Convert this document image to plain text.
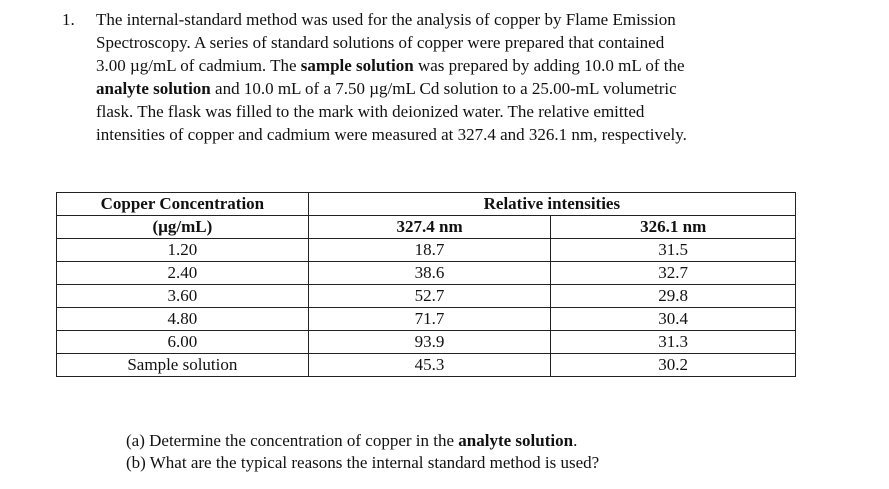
1. The internal-standard method was used for the analysis of copper by Flame Emission
Spectroscopy. A series of standard solutions of copper were prepared that contained
3.00 µg/mL of cadmium. The sample solution was prepared by adding 10.0 mL of the
analyte solution and 10.0 mL of a 7.50 µg/mL Cd solution to a 25.00-mL volumetric
flask. The flask was filled to the mark with deionized water. The relative emitted
intensities of copper and cadmium were measured at 327.4 and 326.1 nm, respectively.
Copper Concentration	Relative intensities	
(µg/mL)	327.4 nm	326.1 nm
1.20	18.7	31.5
2.40	38.6	32.7
3.60	52.7	29.8
4.80	71.7	30.4
6.00	93.9	31.3
Sample solution	45.3	30.2
(a) Determine the concentration of copper in the analyte solution.
(b) What are the typical reasons the internal standard method is used?
